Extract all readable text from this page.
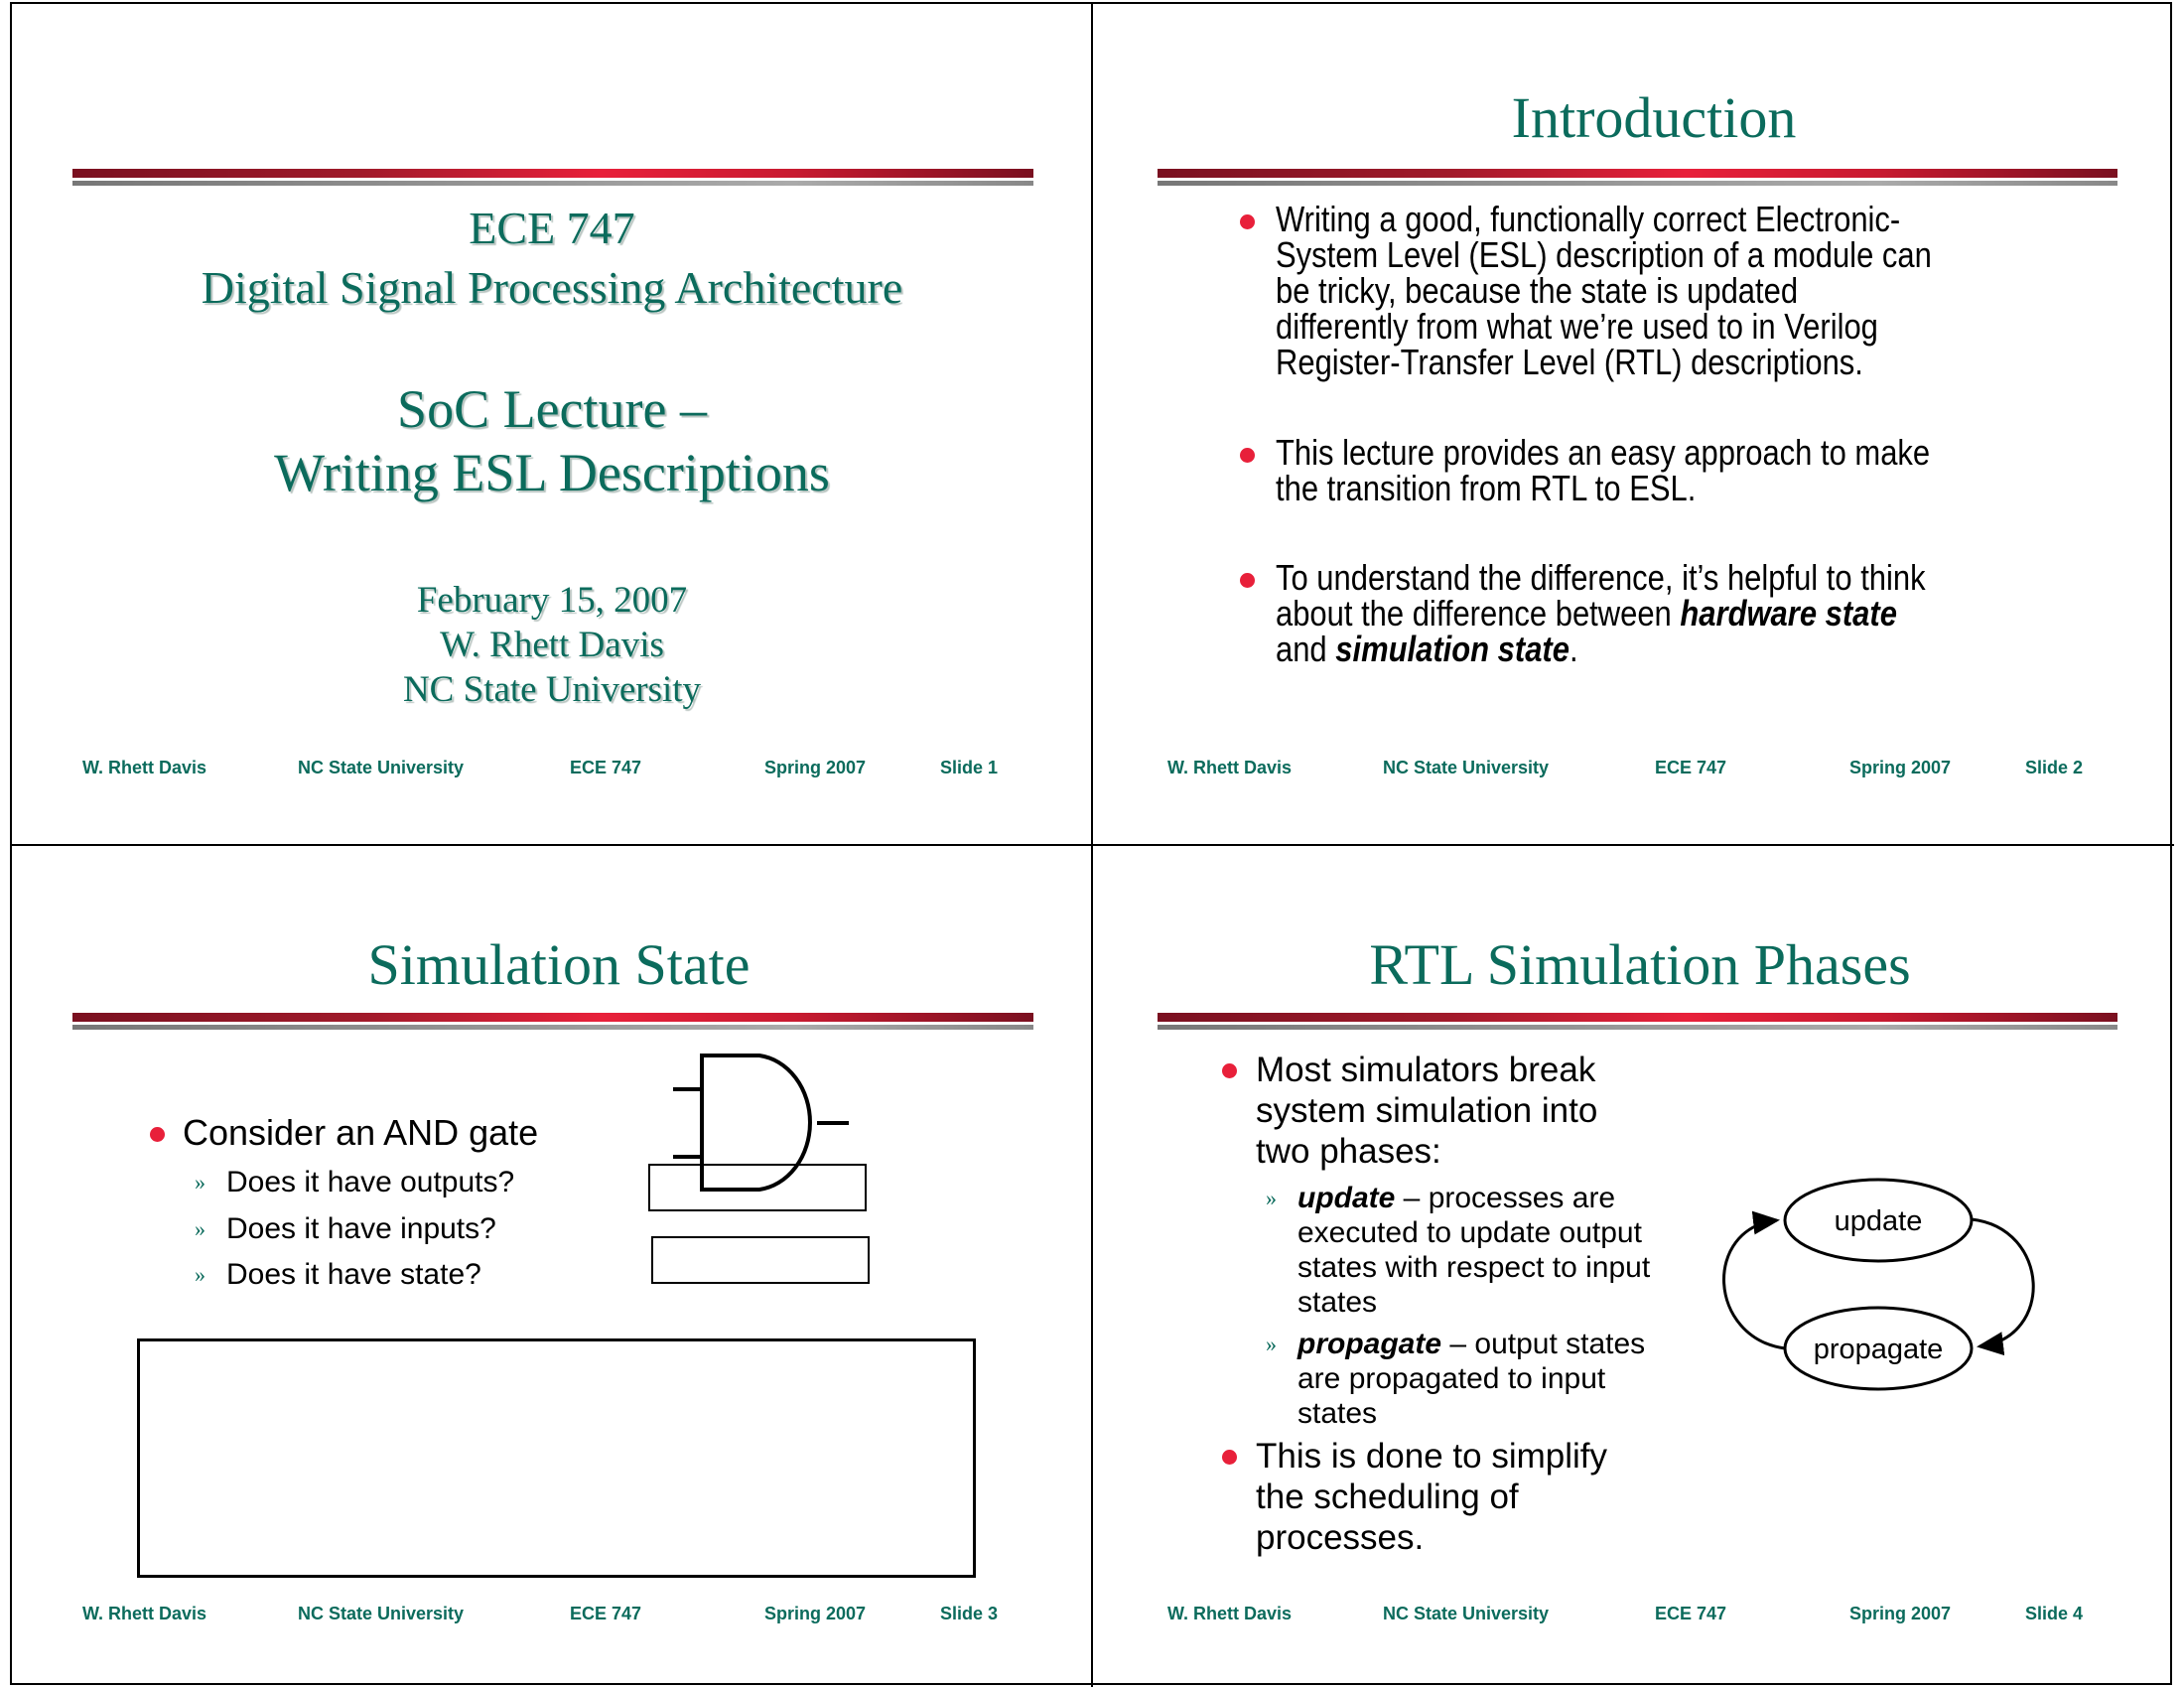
ECE 747
Digital Signal Processing Architecture
SoC Lecture –
Writing ESL Descriptions
February 15, 2007
W. Rhett Davis
NC State University
W. Rhett Davis	NC State University	ECE 747	Spring 2007	Slide 1
Introduction
Writing a good, functionally correct Electronic-
System Level (ESL) description of a module can
be tricky, because the state is updated
differently from what we’re used to in Verilog
Register-Transfer Level (RTL) descriptions.
This lecture provides an easy approach to make
the transition from RTL to ESL.
To understand the difference, it’s helpful to think
about the difference between hardware state
and simulation state.
W. Rhett Davis	NC State University	ECE 747	Spring 2007	Slide 2
Simulation State
Consider an AND gate
» Does it have outputs?
» Does it have inputs?
» Does it have state?
W. Rhett Davis	NC State University	ECE 747	Spring 2007	Slide 3
RTL Simulation Phases
Most simulators break
system simulation into
two phases:
» update – processes are
executed to update output
states with respect to input
states
» propagate – output states
are propagated to input
states
This is done to simplify
the scheduling of
processes.
update
propagate
W. Rhett Davis	NC State University	ECE 747	Spring 2007	Slide 4
